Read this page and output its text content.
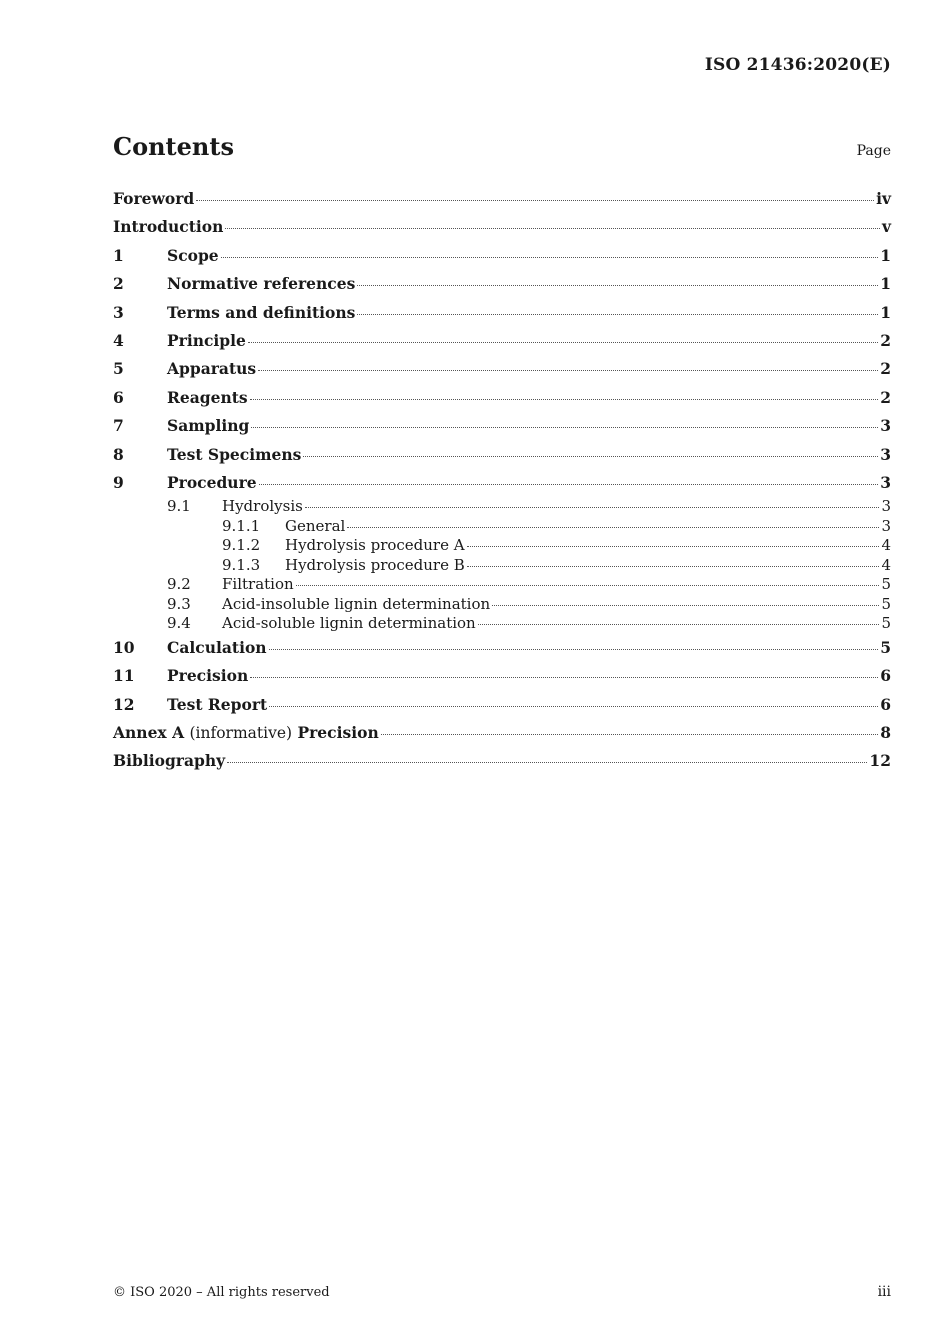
ISO 21436:2020(E)
Contents	Page
Foreword	iv
Introduction	v
1	Scope	1
2	Normative references	1
3	Terms and definitions	1
4	Principle	2
5	Apparatus	2
6	Reagents	2
7	Sampling	3
8	Test Specimens	3
9	Procedure	3
9.1	Hydrolysis	3
9.1.1	General	3
9.1.2	Hydrolysis procedure A	4
9.1.3	Hydrolysis procedure B	4
9.2	Filtration	5
9.3	Acid-insoluble lignin determination	5
9.4	Acid-soluble lignin determination	5
10	Calculation	5
11	Precision	6
12	Test Report	6
Annex A (informative) Precision	8
Bibliography	12
© ISO 2020 – All rights reserved	iii
